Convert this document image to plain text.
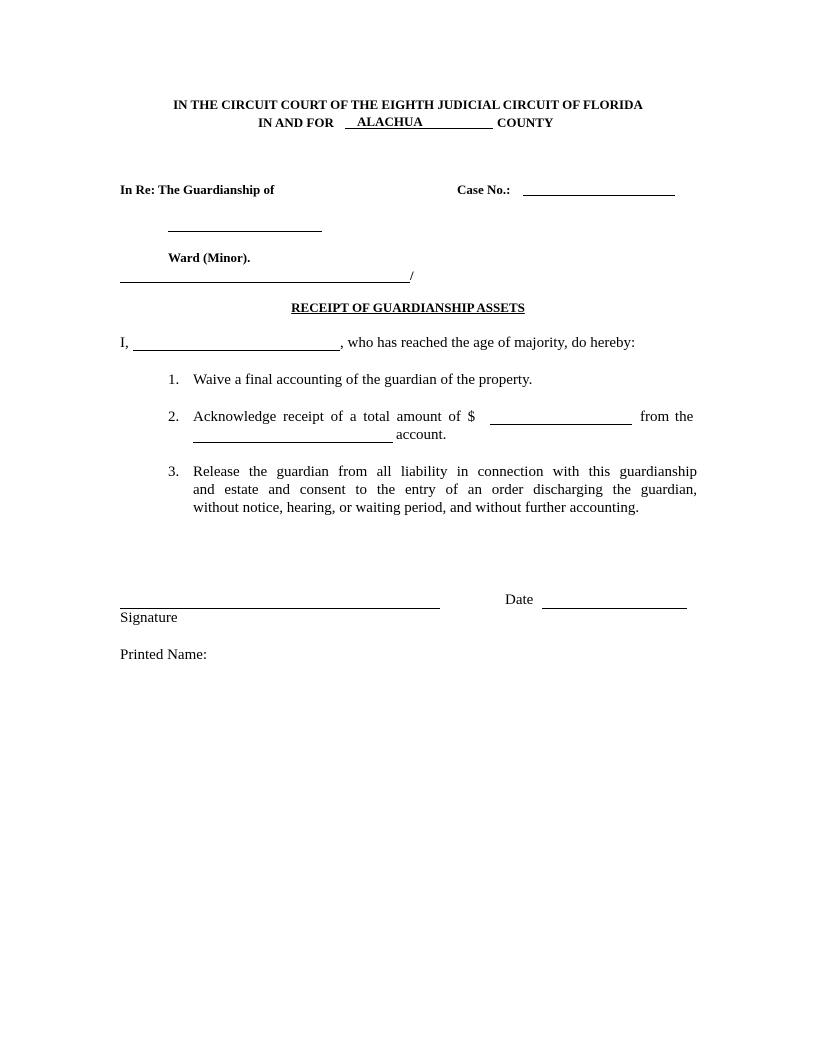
IN THE CIRCUIT COURT OF THE EIGHTH JUDICIAL CIRCUIT OF FLORIDA
IN AND FOR ALACHUA	COUNTY
In Re: The Guardianship of	Case No.:
Ward (Minor).
/
RECEIPT OF GUARDIANSHIP ASSETS
I,	, who has reached the age of majority, do hereby:
1. Waive a final accounting of the guardian of the property.
2. Acknowledge receipt of a total amount of $	from the
account.
3. Release the guardian from all liability in connection with this guardianship
and estate and consent to the entry of an order discharging the guardian,
without notice, hearing, or waiting period, and without further accounting.
Date
Signature
Printed Name:
